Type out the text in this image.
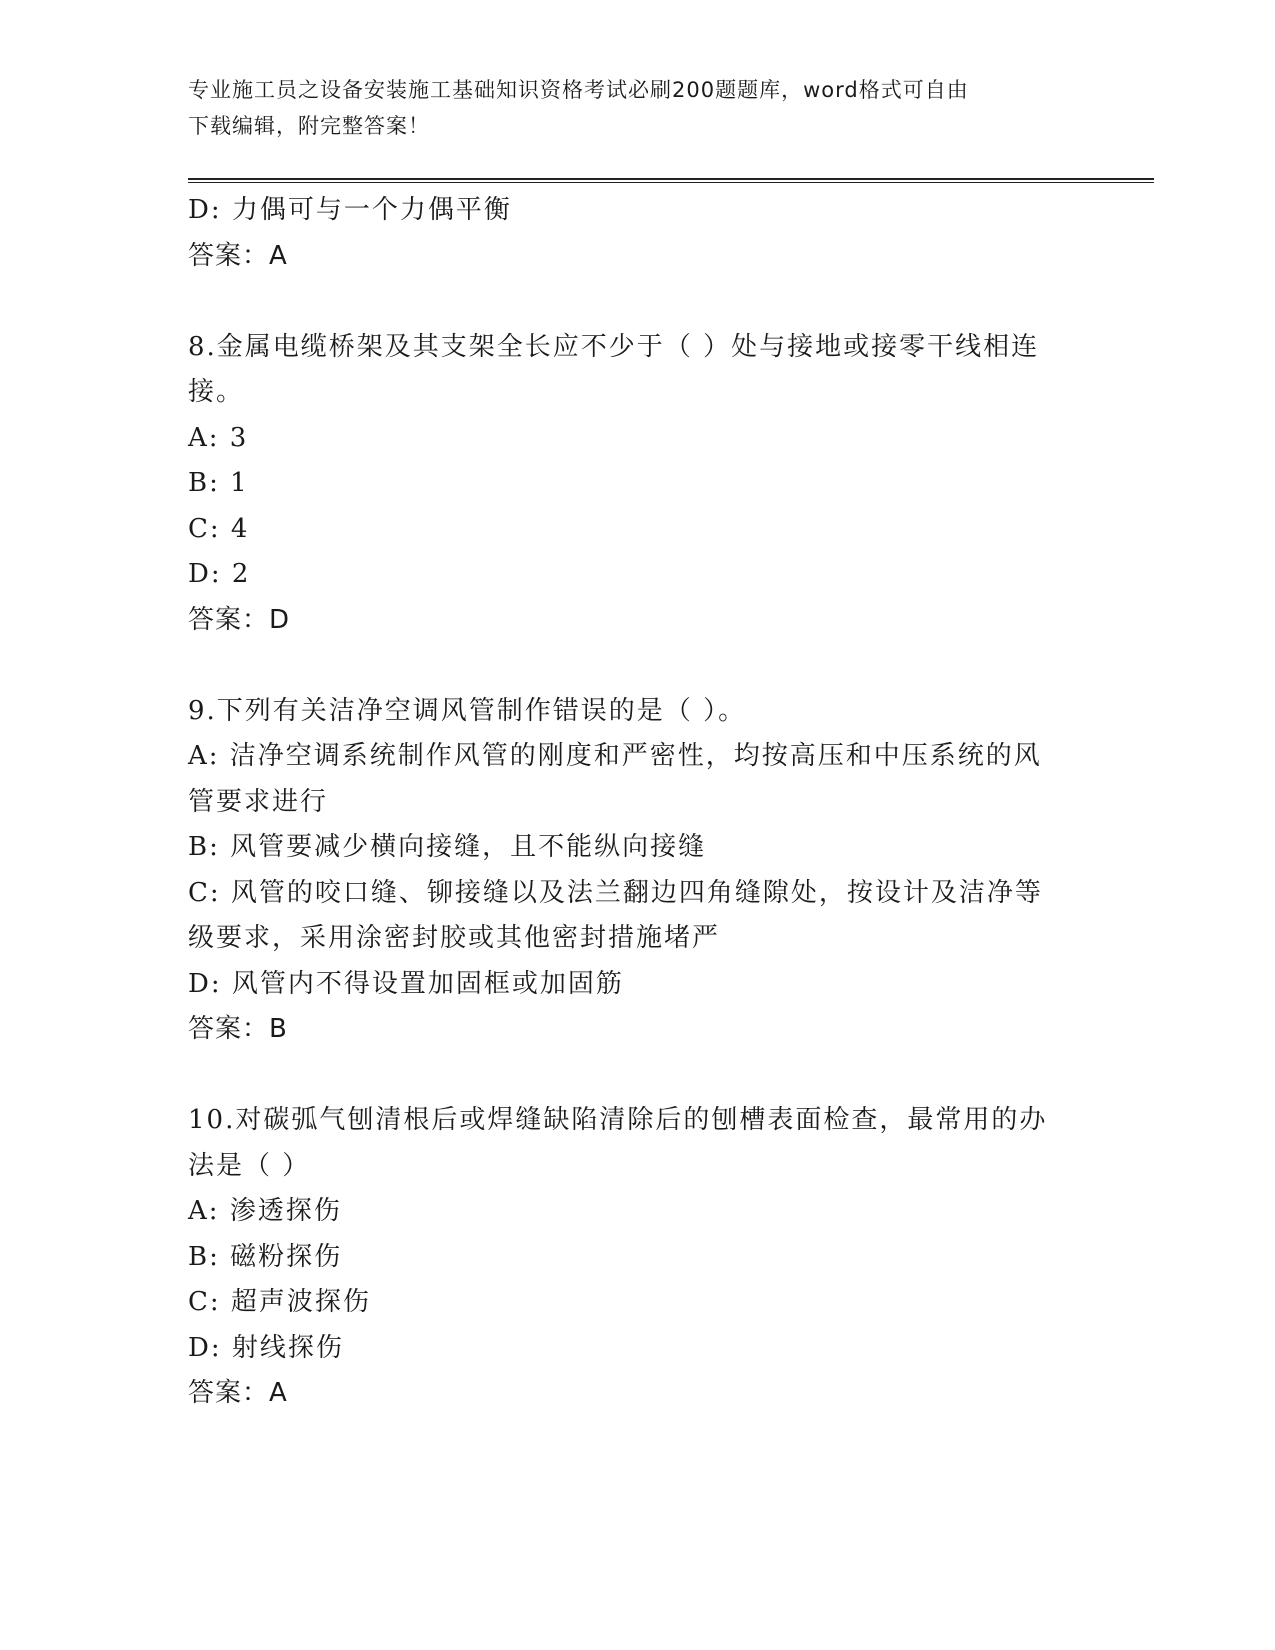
专业施工员之设备安装施工基础知识资格考试必刷200题题库，word格式可自由
下载编辑，附完整答案！
D: 力偶可与一个力偶平衡
答案：A
8.金属电缆桥架及其支架全长应不少于（ ）处与接地或接零干线相连
接。
A: 3
B: 1
C: 4
D: 2
答案：D
9.下列有关洁净空调风管制作错误的是（ ）。
A: 洁净空调系统制作风管的刚度和严密性，均按高压和中压系统的风
管要求进行
B: 风管要减少横向接缝，且不能纵向接缝
C: 风管的咬口缝、铆接缝以及法兰翻边四角缝隙处，按设计及洁净等
级要求，采用涂密封胶或其他密封措施堵严
D: 风管内不得设置加固框或加固筋
答案：B
10.对碳弧气刨清根后或焊缝缺陷清除后的刨槽表面检查，最常用的办
法是（ ）
A: 渗透探伤
B: 磁粉探伤
C: 超声波探伤
D: 射线探伤
答案：A
